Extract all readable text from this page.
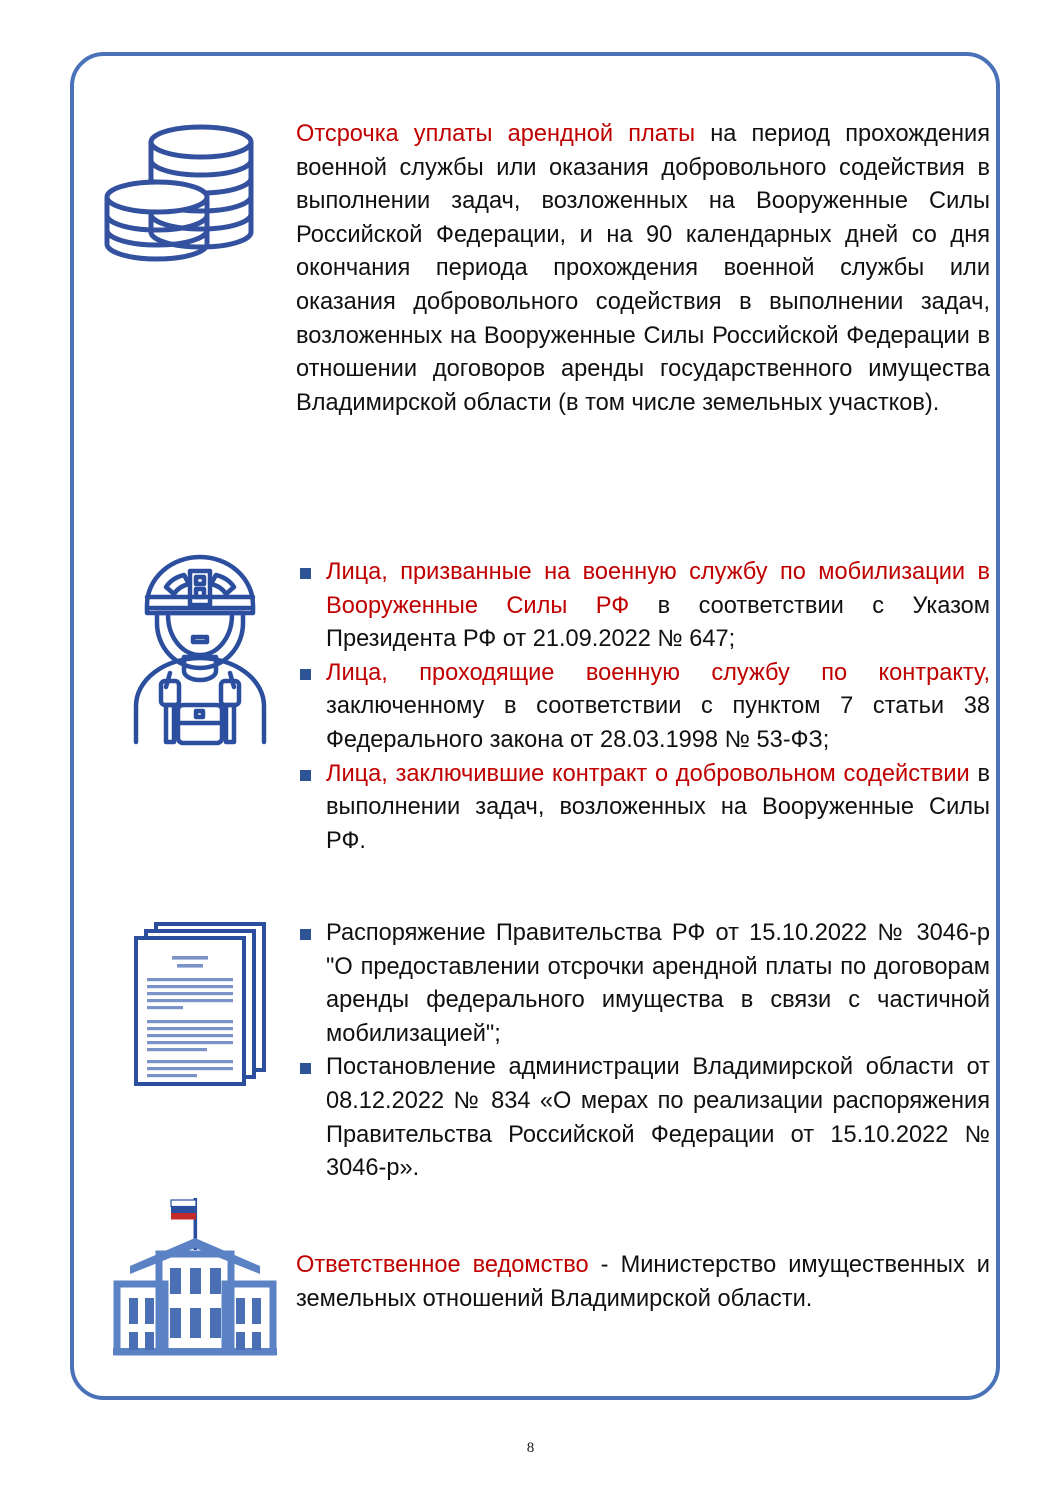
Отсрочка уплаты арендной платы на период прохождения военной службы или оказания добровольного содействия в выполнении задач, возложенных на Вооруженные Силы Российской Федерации, и на 90 календарных дней со дня окончания периода прохождения военной службы или оказания добровольного содействия в выполнении задач, возложенных на Вооруженные Силы Российской Федерации в отношении договоров аренды государственного имущества Владимирской области (в том числе земельных участков).

Лица, призванные на военную службу по мобилизации в Вооруженные Силы РФ в соответствии с Указом Президента РФ от 21.09.2022 № 647;
Лица, проходящие военную службу по контракту, заключенному в соответствии с пунктом 7 статьи 38 Федерального закона от 28.03.1998 № 53-ФЗ;
Лица, заключившие контракт о добровольном содействии в выполнении задач, возложенных на Вооруженные Силы РФ.
Распоряжение Правительства РФ от 15.10.2022 № 3046-р "О предоставлении отсрочки арендной платы по договорам аренды федерального имущества в связи с частичной мобилизацией";
Постановление администрации Владимирской области от 08.12.2022 № 834 «О мерах по реализации распоряжения Правительства Российской Федерации от 15.10.2022 № 3046-р».

Ответственное ведомство - Министерство имущественных и земельных отношений Владимирской области.

8
